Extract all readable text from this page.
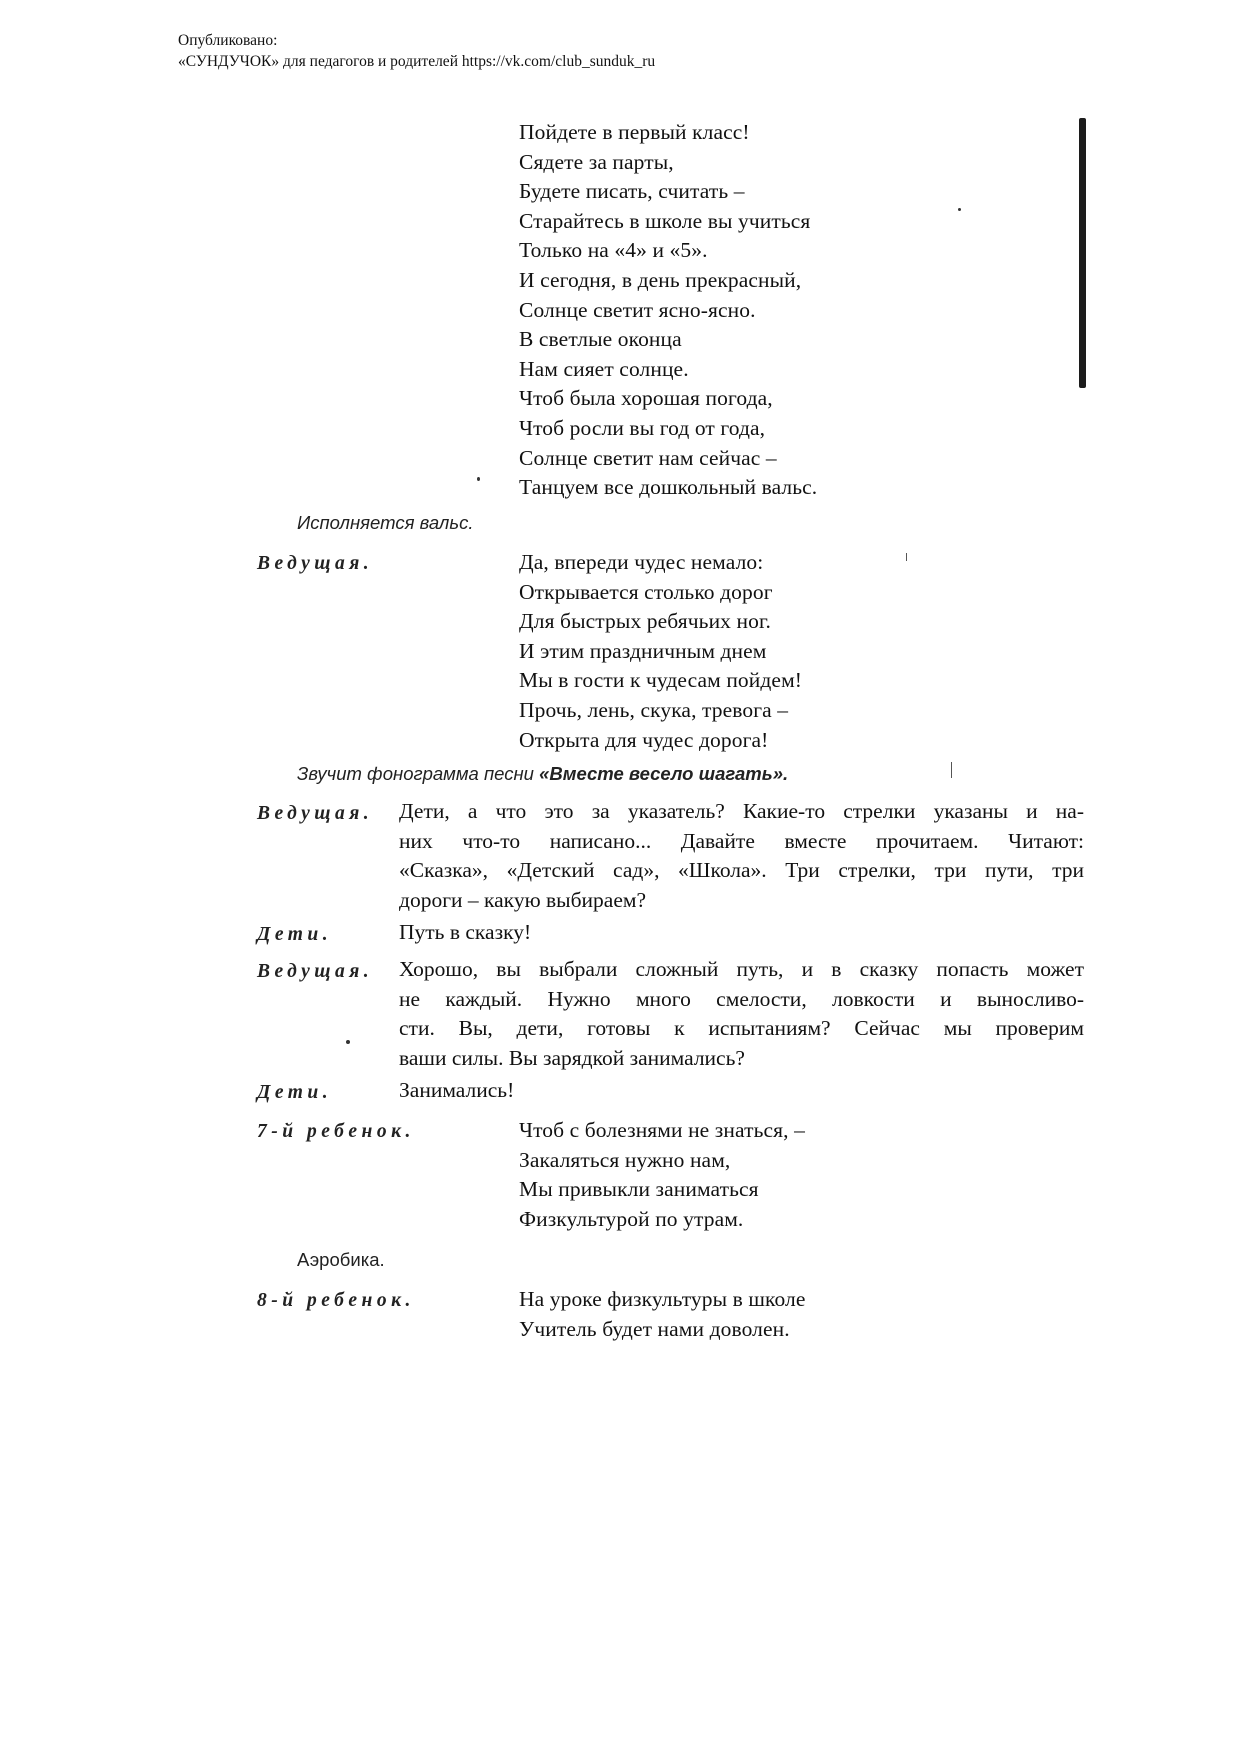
Опубликовано:
«СУНДУЧОК» для педагогов и родителей https://vk.com/club_sunduk_ru
Пойдете в первый класс!
Сядете за парты,
Будете писать, считать –
Старайтесь в школе вы учиться
Только на «4» и «5».
И сегодня, в день прекрасный,
Солнце светит ясно-ясно.
В светлые оконца
Нам сияет солнце.
Чтоб была хорошая погода,
Чтоб росли вы год от года,
Солнце светит нам сейчас –
Танцуем все дошкольный вальс.
Исполняется вальс.
Ведущая.	Да, впереди чудес немало:
Открывается столько дорог
Для быстрых ребячьих ног.
И этим праздничным днем
Мы в гости к чудесам пойдем!
Прочь, лень, скука, тревога –
Открыта для чудес дорога!
Звучит фонограмма песни «Вместе весело шагать».
Ведущая. Дети, а что это за указатель? Какие-то стрелки указаны и на-
них что-то написано... Давайте вместе прочитаем. Читают:
«Сказка», «Детский сад», «Школа». Три стрелки, три пути, три
дороги – какую выбираем?
Дети.	Путь в сказку!
Ведущая. Хорошо, вы выбрали сложный путь, и в сказку попасть может
не каждый. Нужно много смелости, ловкости и выносливо-
сти. Вы, дети, готовы к испытаниям? Сейчас мы проверим
ваши силы. Вы зарядкой занимались?
Дети.	Занимались!
7-й ребенок.	Чтоб с болезнями не знаться, –
Закаляться нужно нам,
Мы привыкли заниматься
Физкультурой по утрам.
Аэробика.
8-й ребенок.	На уроке физкультуры в школе
Учитель будет нами доволен.
